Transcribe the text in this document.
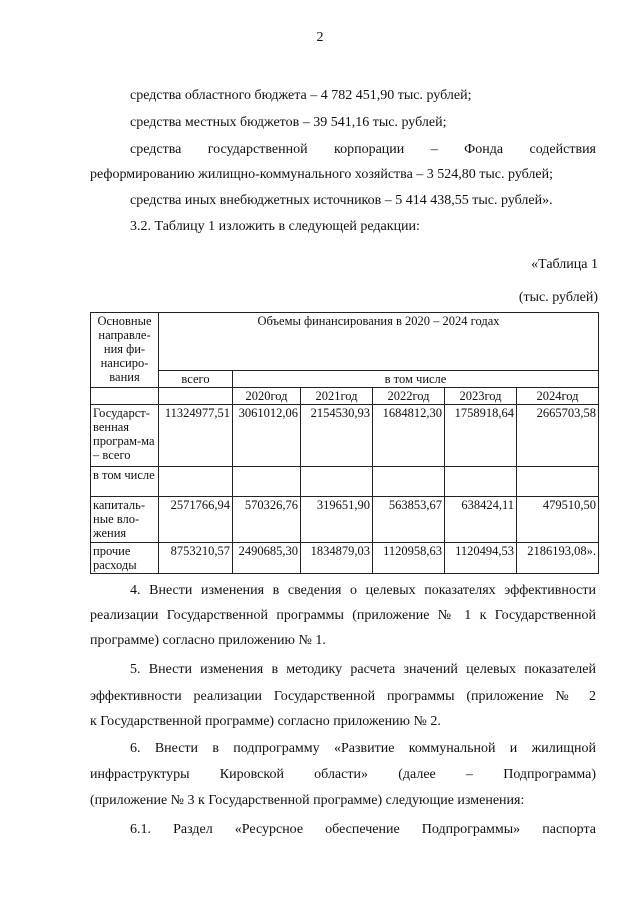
2
средства областного бюджета – 4 782 451,90 тыс. рублей;
средства местных бюджетов – 39 541,16 тыс. рублей;
средства государственной корпорации – Фонда содействия
реформированию жилищно-коммунального хозяйства – 3 524,80 тыс. рублей;
средства иных внебюджетных источников – 5 414 438,55 тыс. рублей».
3.2. Таблицу 1 изложить в следующей редакции:
«Таблица 1
(тыс. рублей)
Основные направле-ния фи-нансиро-вания	Объемы финансирования в 2020 – 2024 годах					
	всего	в том числе				
		2020год	2021год	2022год	2023год	2024год
Государст-венная програм-ма – всего	11324977,51	3061012,06	2154530,93	1684812,30	1758918,64	2665703,58
в том числе						
капиталь-ные вло-жения	2571766,94	570326,76	319651,90	563853,67	638424,11	479510,50
прочие расходы	8753210,57	2490685,30	1834879,03	1120958,63	1120494,53	2186193,08».
4. Внести изменения в сведения о целевых показателях эффективности
реализации Государственной программы (приложение № 1 к Государственной
программе) согласно приложению № 1.
5. Внести изменения в методику расчета значений целевых показателей
эффективности реализации Государственной программы (приложение № 2
к Государственной программе) согласно приложению № 2.
6. Внести в подпрограмму «Развитие коммунальной и жилищной
инфраструктуры Кировской области» (далее – Подпрограмма)
(приложение № 3 к Государственной программе) следующие изменения:
6.1. Раздел «Ресурсное обеспечение Подпрограммы» паспорта
